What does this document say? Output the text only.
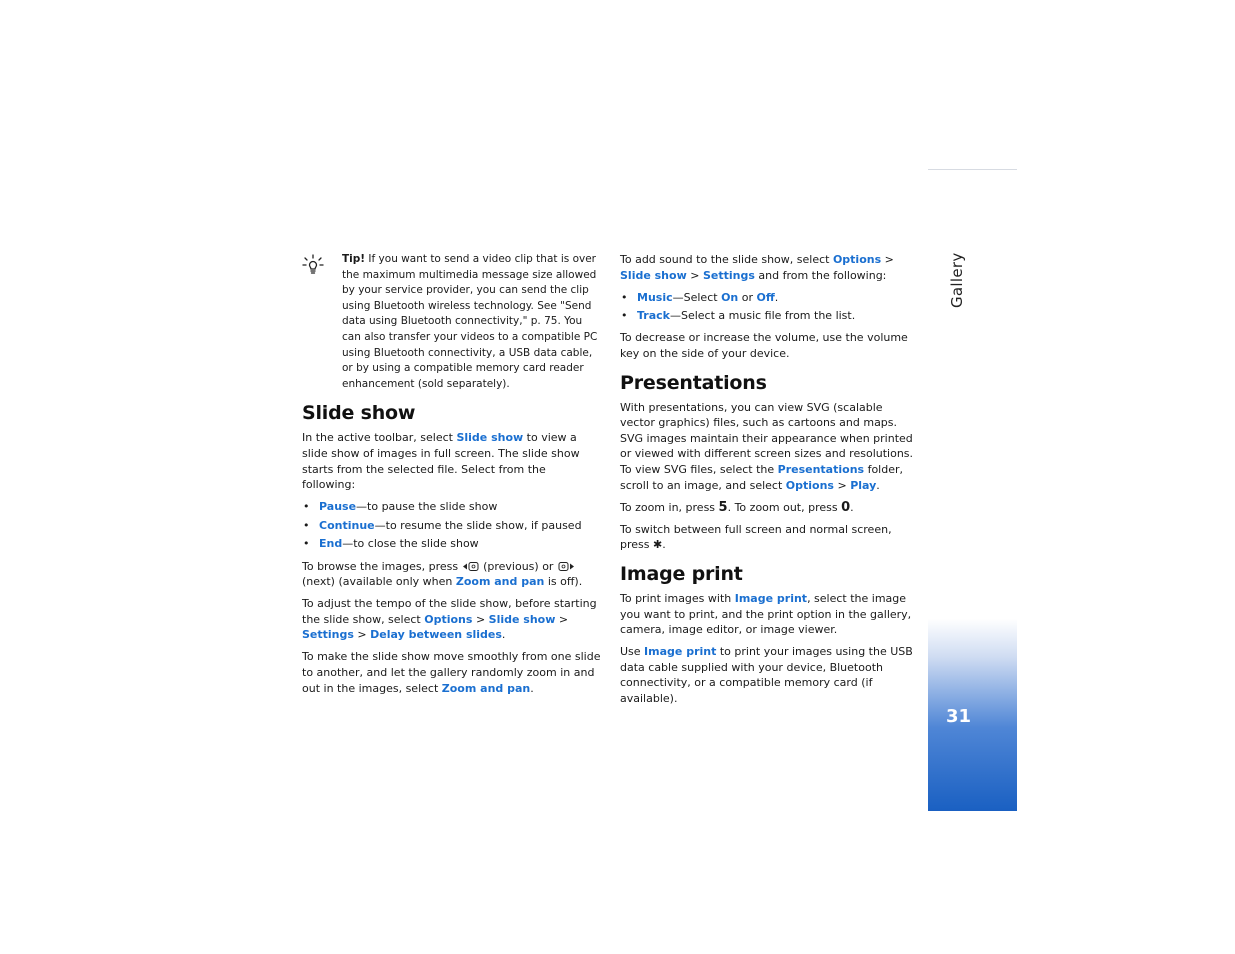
Tip! If you want to send a video clip that is over the maximum multimedia message size allowed by your service provider, you can send the clip using Bluetooth wireless technology. See "Send data using Bluetooth connectivity," p. 75. You can also transfer your videos to a compatible PC using Bluetooth connectivity, a USB data cable, or by using a compatible memory card reader enhancement (sold separately).
Slide show

In the active toolbar, select Slide show to view a slide show of images in full screen. The slide show starts from the selected file. Select from the following:

• Pause—to pause the slide show
• Continue—to resume the slide show, if paused
• End—to close the slide show

To browse the images, press  (previous) or  (next) (available only when Zoom and pan is off).

To adjust the tempo of the slide show, before starting the slide show, select Options > Slide show > Settings > Delay between slides.

To make the slide show move smoothly from one slide to another, and let the gallery randomly zoom in and out in the images, select Zoom and pan.

To add sound to the slide show, select Options > Slide show > Settings and from the following:

• Music—Select On or Off.
• Track—Select a music file from the list.

To decrease or increase the volume, use the volume key on the side of your device.

Presentations

With presentations, you can view SVG (scalable vector graphics) files, such as cartoons and maps. SVG images maintain their appearance when printed or viewed with different screen sizes and resolutions. To view SVG files, select the Presentations folder, scroll to an image, and select Options > Play.

To zoom in, press 5. To zoom out, press 0.

To switch between full screen and normal screen, press ✱.

Image print

To print images with Image print, select the image you want to print, and the print option in the gallery, camera, image editor, or image viewer.

Use Image print to print your images using the USB data cable supplied with your device, Bluetooth connectivity, or a compatible memory card (if available).

Gallery
31
